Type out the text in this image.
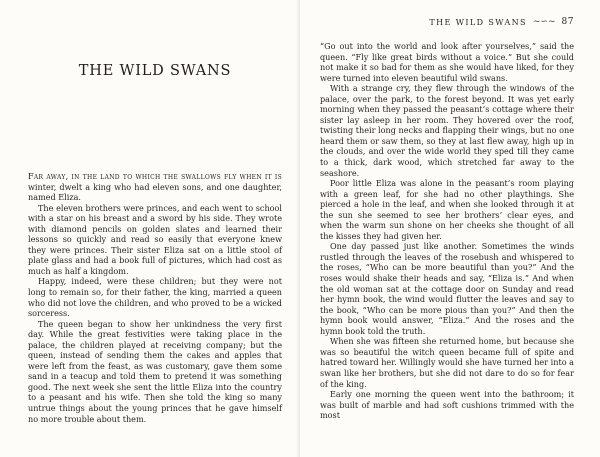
THE WILD SWANS

Far away, in the land to which the swallows fly when it is winter, dwelt a king who had eleven sons, and one daughter, named Eliza.

The eleven brothers were princes, and each went to school with a star on his breast and a sword by his side. They wrote with diamond pencils on golden slates and learned their lessons so quickly and read so easily that everyone knew they were princes. Their sister Eliza sat on a little stool of plate glass and had a book full of pictures, which had cost as much as half a kingdom.

Happy, indeed, were these children; but they were not long to remain so, for their father, the king, married a queen who did not love the children, and who proved to be a wicked sorceress.

The queen began to show her unkindness the very first day. While the great festivities were taking place in the palace, the children played at receiving company; but the queen, instead of sending them the cakes and apples that were left from the feast, as was customary, gave them some sand in a teacup and told them to pretend it was something good. The next week she sent the little Eliza into the country to a peasant and his wife. Then she told the king so many untrue things about the young princes that he gave himself no more trouble about them.

THE WILD SWANS ~∽~ 87

“Go out into the world and look after yourselves,” said the queen. “Fly like great birds without a voice.” But she could not make it so bad for them as she would have liked, for they were turned into eleven beautiful wild swans.

With a strange cry, they flew through the windows of the palace, over the park, to the forest beyond. It was yet early morning when they passed the peasant’s cottage where their sister lay asleep in her room. They hovered over the roof, twisting their long necks and flapping their wings, but no one heard them or saw them, so they at last flew away, high up in the clouds, and over the wide world they sped till they came to a thick, dark wood, which stretched far away to the seashore.

Poor little Eliza was alone in the peasant’s room playing with a green leaf, for she had no other playthings. She pierced a hole in the leaf, and when she looked through it at the sun she seemed to see her brothers’ clear eyes, and when the warm sun shone on her cheeks she thought of all the kisses they had given her.

One day passed just like another. Sometimes the winds rustled through the leaves of the rosebush and whispered to the roses, “Who can be more beautiful than you?” And the roses would shake their heads and say, “Eliza is.” And when the old woman sat at the cottage door on Sunday and read her hymn book, the wind would flutter the leaves and say to the book, “Who can be more pious than you?” And then the hymn book would answer, “Eliza.” And the roses and the hymn book told the truth.

When she was fifteen she returned home, but because she was so beautiful the witch queen became full of spite and hatred toward her. Willingly would she have turned her into a swan like her brothers, but she did not dare to do so for fear of the king.

Early one morning the queen went into the bathroom; it was built of marble and had soft cushions trimmed with the most
